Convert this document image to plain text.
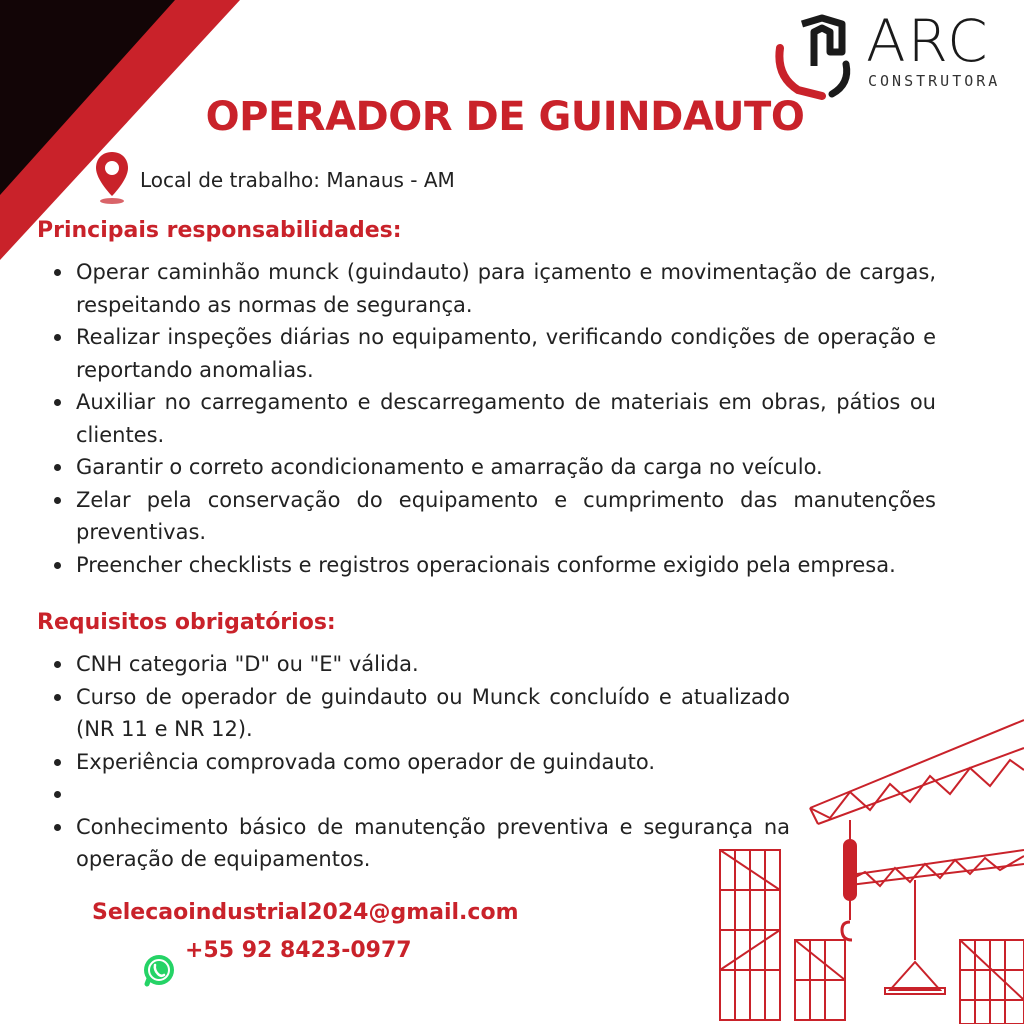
ARC
CONSTRUTORA
OPERADOR DE GUINDAUTO
Local de trabalho: Manaus - AM
Principais responsabilidades:
Operar caminhão munck (guindauto) para içamento e movimentação de cargas, respeitando as normas de segurança.
Realizar inspeções diárias no equipamento, verificando condições de operação e reportando anomalias.
Auxiliar no carregamento e descarregamento de materiais em obras, pátios ou clientes.
Garantir o correto acondicionamento e amarração da carga no veículo.
Zelar pela conservação do equipamento e cumprimento das manutenções preventivas.
Preencher checklists e registros operacionais conforme exigido pela empresa.
Requisitos obrigatórios:
CNH categoria "D" ou "E" válida.
Curso de operador de guindauto ou Munck concluído e atualizado (NR 11 e NR 12).
Experiência comprovada como operador de guindauto.
Conhecimento básico de manutenção preventiva e segurança na operação de equipamentos.
Selecaoindustrial2024@gmail.com
+55 92 8423-0977
